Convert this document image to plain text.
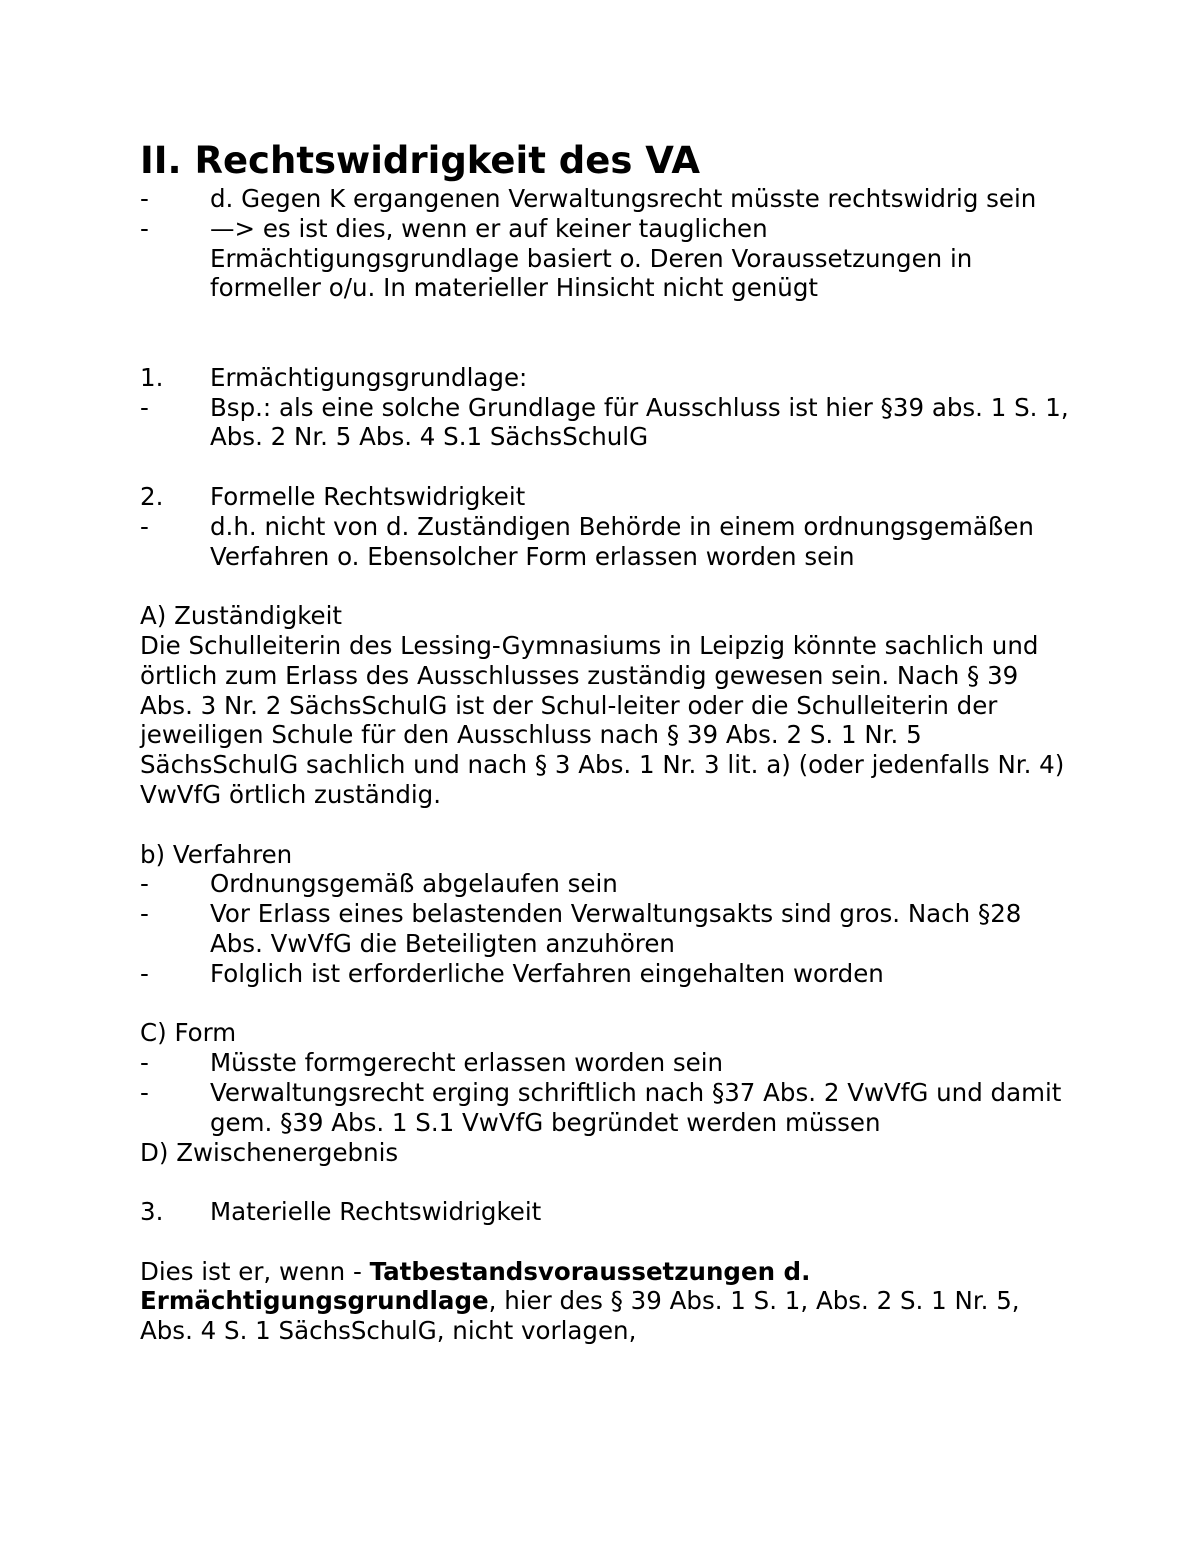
II. Rechtswidrigkeit des VA

- d. Gegen K ergangenen Verwaltungsrecht müsste rechtswidrig sein

- —> es ist dies, wenn er auf keiner tauglichen Ermächtigungsgrundlage basiert o. Deren Voraussetzungen in formeller o/u. In materieller Hinsicht nicht genügt

1. Ermächtigungsgrundlage:

- Bsp.: als eine solche Grundlage für Ausschluss ist hier §39 abs. 1 S. 1, Abs. 2 Nr. 5 Abs. 4 S.1 SächsSchulG

2. Formelle Rechtswidrigkeit

- d.h. nicht von d. Zuständigen Behörde in einem ordnungsgemäßen Verfahren o. Ebensolcher Form erlassen worden sein

A) Zuständigkeit

Die Schulleiterin des Lessing-Gymnasiums in Leipzig könnte sachlich und örtlich zum Erlass des Ausschlusses zuständig gewesen sein. Nach § 39 Abs. 3 Nr. 2 SächsSchulG ist der Schul-leiter oder die Schulleiterin der jeweiligen Schule für den Ausschluss nach § 39 Abs. 2 S. 1 Nr. 5 SächsSchulG sachlich und nach § 3 Abs. 1 Nr. 3 lit. a) (oder jedenfalls Nr. 4) VwVfG örtlich zuständig.

b) Verfahren

- Ordnungsgemäß abgelaufen sein

- Vor Erlass eines belastenden Verwaltungsakts sind gros. Nach §28 Abs. VwVfG die Beteiligten anzuhören

- Folglich ist erforderliche Verfahren eingehalten worden

C) Form

- Müsste formgerecht erlassen worden sein

- Verwaltungsrecht erging schriftlich nach §37 Abs. 2 VwVfG und damit gem. §39 Abs. 1 S.1 VwVfG begründet werden müssen

D) Zwischenergebnis

3. Materielle Rechtswidrigkeit

Dies ist er, wenn - Tatbestandsvoraussetzungen d. Ermächtigungsgrundlage, hier des § 39 Abs. 1 S. 1, Abs. 2 S. 1 Nr. 5, Abs. 4 S. 1 SächsSchulG, nicht vorlagen,
